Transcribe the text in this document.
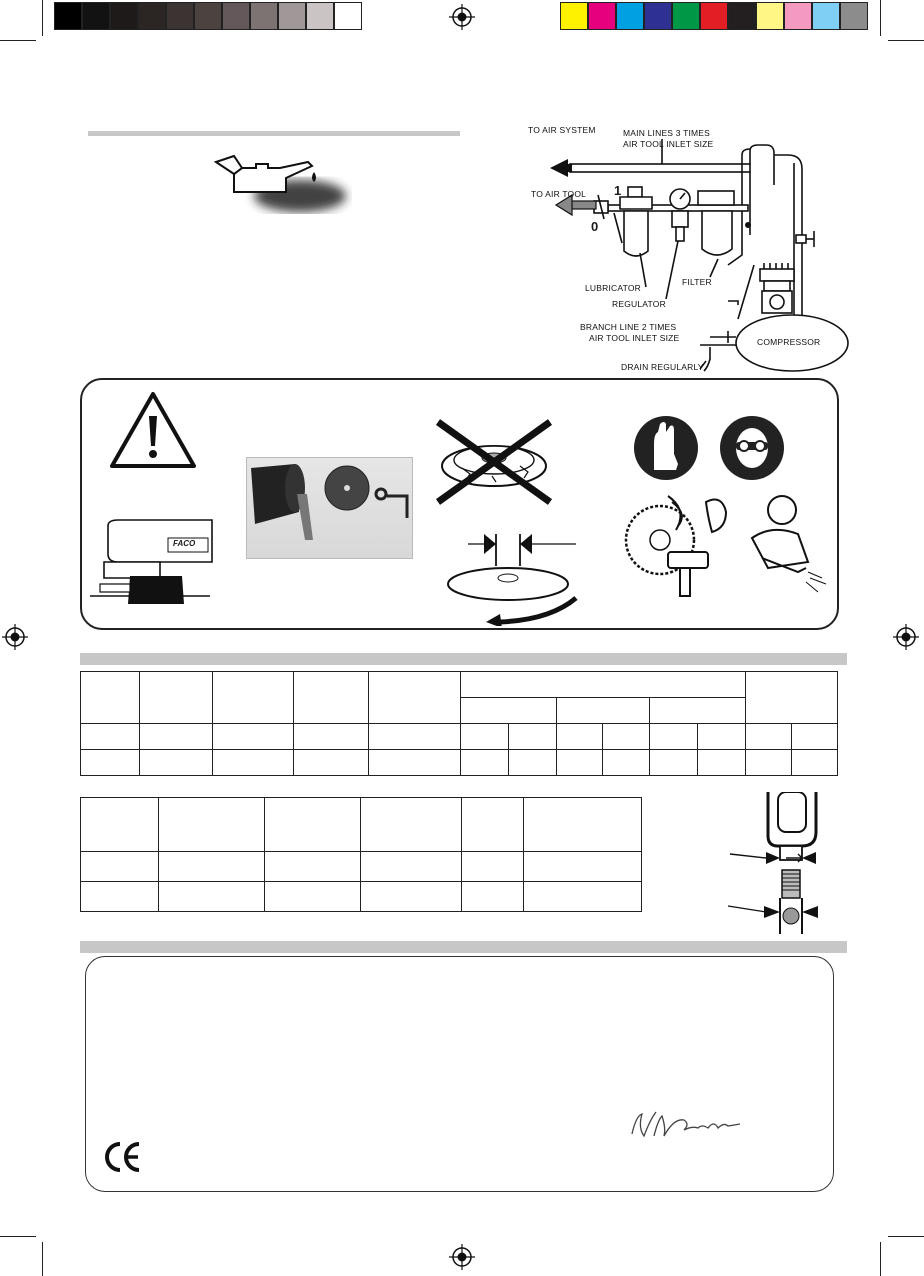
TO AIR SYSTEM	MAIN LINES 3 TIMES
AIR TOOL INLET SIZE
TO AIR TOOL 1
0
LUBRICATOR
REGULATOR
FILTER
BRANCH LINE 2 TIMES
AIR TOOL INLET SIZE	COMPRESSOR
DRAIN REGULARLY
FACO
